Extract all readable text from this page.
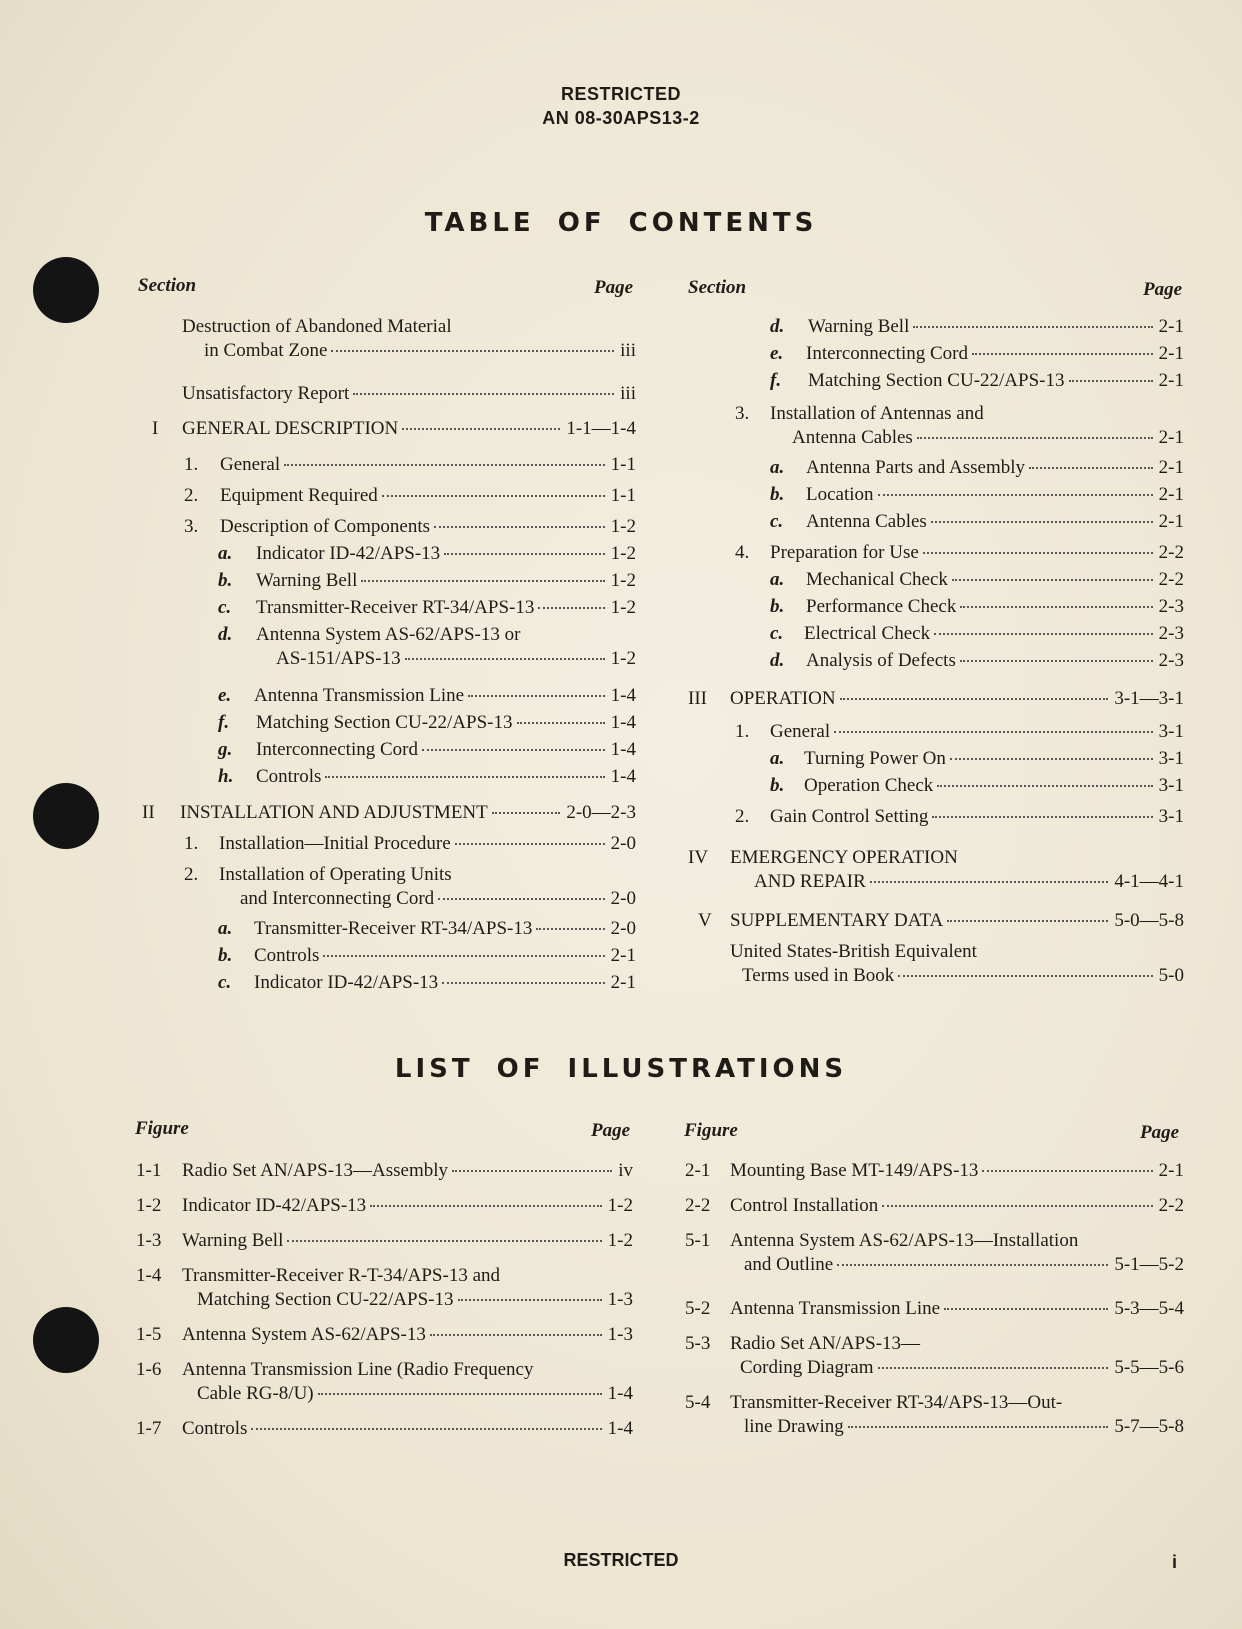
RESTRICTED
AN 08-30APS13-2
TABLE OF CONTENTS
Section	Page	Section	Page
Destruction of Abandoned Material
in Combat Zone	iii
Unsatisfactory Report	iii
I GENERAL DESCRIPTION	1-1—1-4
1. General	1-1
2. Equipment Required	1-1
3. Description of Components	1-2
a. Indicator ID-42/APS-13	1-2
b. Warning Bell	1-2
c. Transmitter-Receiver RT-34/APS-13	1-2
d. Antenna System AS-62/APS-13 or
AS-151/APS-13	1-2
e. Antenna Transmission Line	1-4
f. Matching Section CU-22/APS-13	1-4
g. Interconnecting Cord	1-4
h. Controls	1-4
II INSTALLATION AND ADJUSTMENT	2-0—2-3
1. Installation—Initial Procedure	2-0
2. Installation of Operating Units
and Interconnecting Cord	2-0
a. Transmitter-Receiver RT-34/APS-13	2-0
b. Controls	2-1
c. Indicator ID-42/APS-13	2-1
d. Warning Bell	2-1
e. Interconnecting Cord	2-1
f. Matching Section CU-22/APS-13	2-1
3. Installation of Antennas and
Antenna Cables	2-1
a. Antenna Parts and Assembly	2-1
b. Location	2-1
c. Antenna Cables	2-1
4. Preparation for Use	2-2
a. Mechanical Check	2-2
b. Performance Check	2-3
c. Electrical Check	2-3
d. Analysis of Defects	2-3
III OPERATION	3-1—3-1
1. General	3-1
a. Turning Power On	3-1
b. Operation Check	3-1
2. Gain Control Setting	3-1
IV EMERGENCY OPERATION
AND REPAIR	4-1—4-1
V SUPPLEMENTARY DATA	5-0—5-8
United States-British Equivalent
Terms used in Book	5-0
LIST OF ILLUSTRATIONS
Figure	Page	Figure	Page
1-1 Radio Set AN/APS-13—Assembly	iv
1-2 Indicator ID-42/APS-13	1-2
1-3 Warning Bell	1-2
1-4 Transmitter-Receiver R-T-34/APS-13 and
Matching Section CU-22/APS-13	1-3
1-5 Antenna System AS-62/APS-13	1-3
1-6 Antenna Transmission Line (Radio Frequency
Cable RG-8/U)	1-4
1-7 Controls	1-4
2-1 Mounting Base MT-149/APS-13	2-1
2-2 Control Installation	2-2
5-1 Antenna System AS-62/APS-13—Installation
and Outline	5-1—5-2
5-2 Antenna Transmission Line	5-3—5-4
5-3 Radio Set AN/APS-13—
Cording Diagram	5-5—5-6
5-4 Transmitter-Receiver RT-34/APS-13—Out-
line Drawing	5-7—5-8
RESTRICTED	i
